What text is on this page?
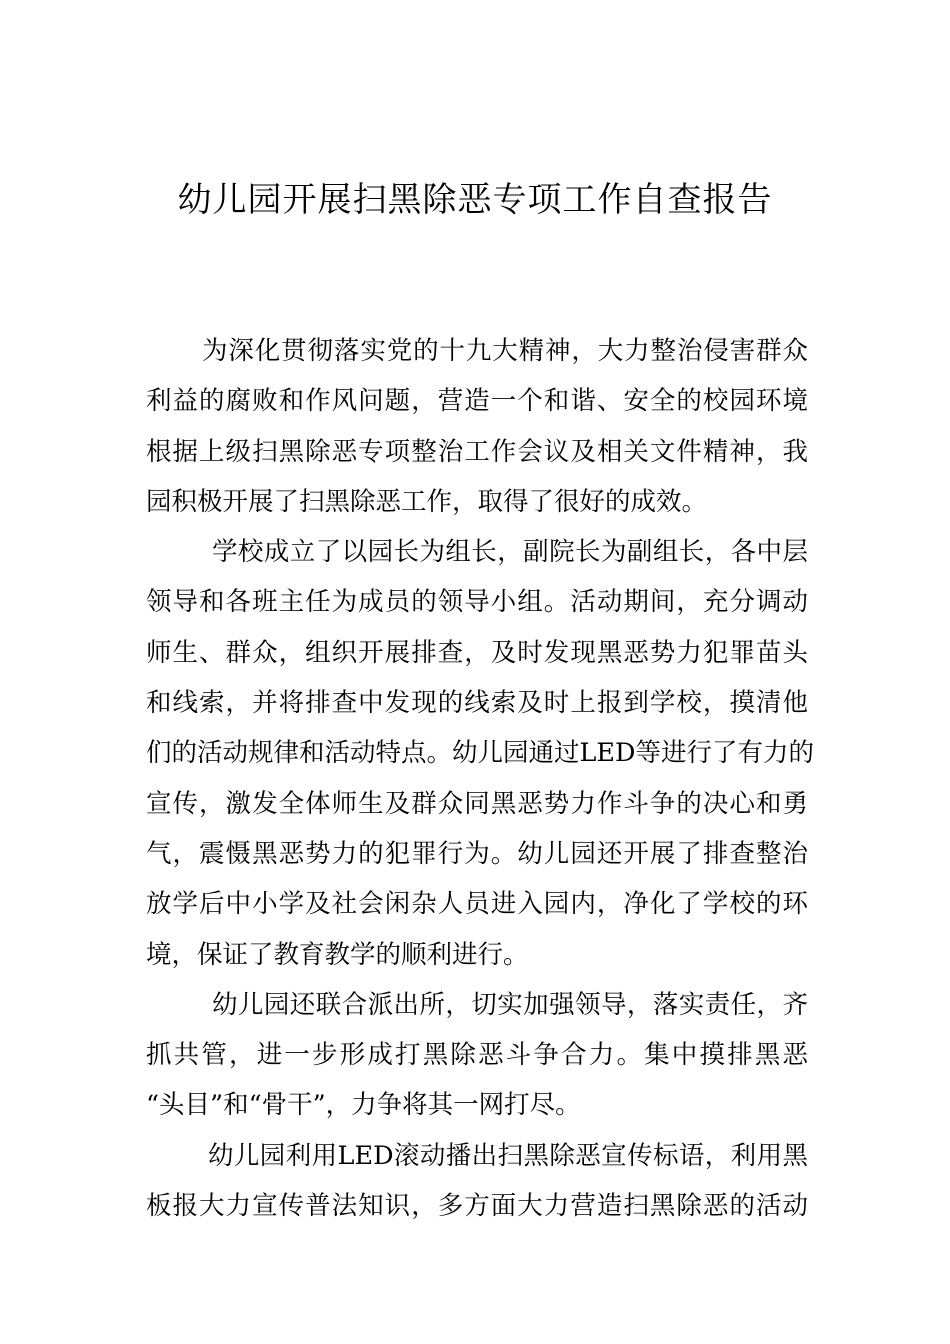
幼儿园开展扫黑除恶专项工作自查报告
为深化贯彻落实党的十九大精神，大力整治侵害群众
利益的腐败和作风问题，营造一个和谐、安全的校园环境
根据上级扫黑除恶专项整治工作会议及相关文件精神，我
园积极开展了扫黑除恶工作，取得了很好的成效。
学校成立了以园长为组长，副院长为副组长，各中层
领导和各班主任为成员的领导小组。活动期间，充分调动
师生、群众，组织开展排查，及时发现黑恶势力犯罪苗头
和线索，并将排查中发现的线索及时上报到学校，摸清他
们的活动规律和活动特点。幼儿园通过LED等进行了有力的
宣传，激发全体师生及群众同黑恶势力作斗争的决心和勇
气，震慑黑恶势力的犯罪行为。幼儿园还开展了排查整治
放学后中小学及社会闲杂人员进入园内，净化了学校的环
境，保证了教育教学的顺利进行。
幼儿园还联合派出所，切实加强领导，落实责任，齐
抓共管，进一步形成打黑除恶斗争合力。集中摸排黑恶
“头目”和“骨干”，力争将其一网打尽。
幼儿园利用LED滚动播出扫黑除恶宣传标语，利用黑
板报大力宣传普法知识，多方面大力营造扫黑除恶的活动
